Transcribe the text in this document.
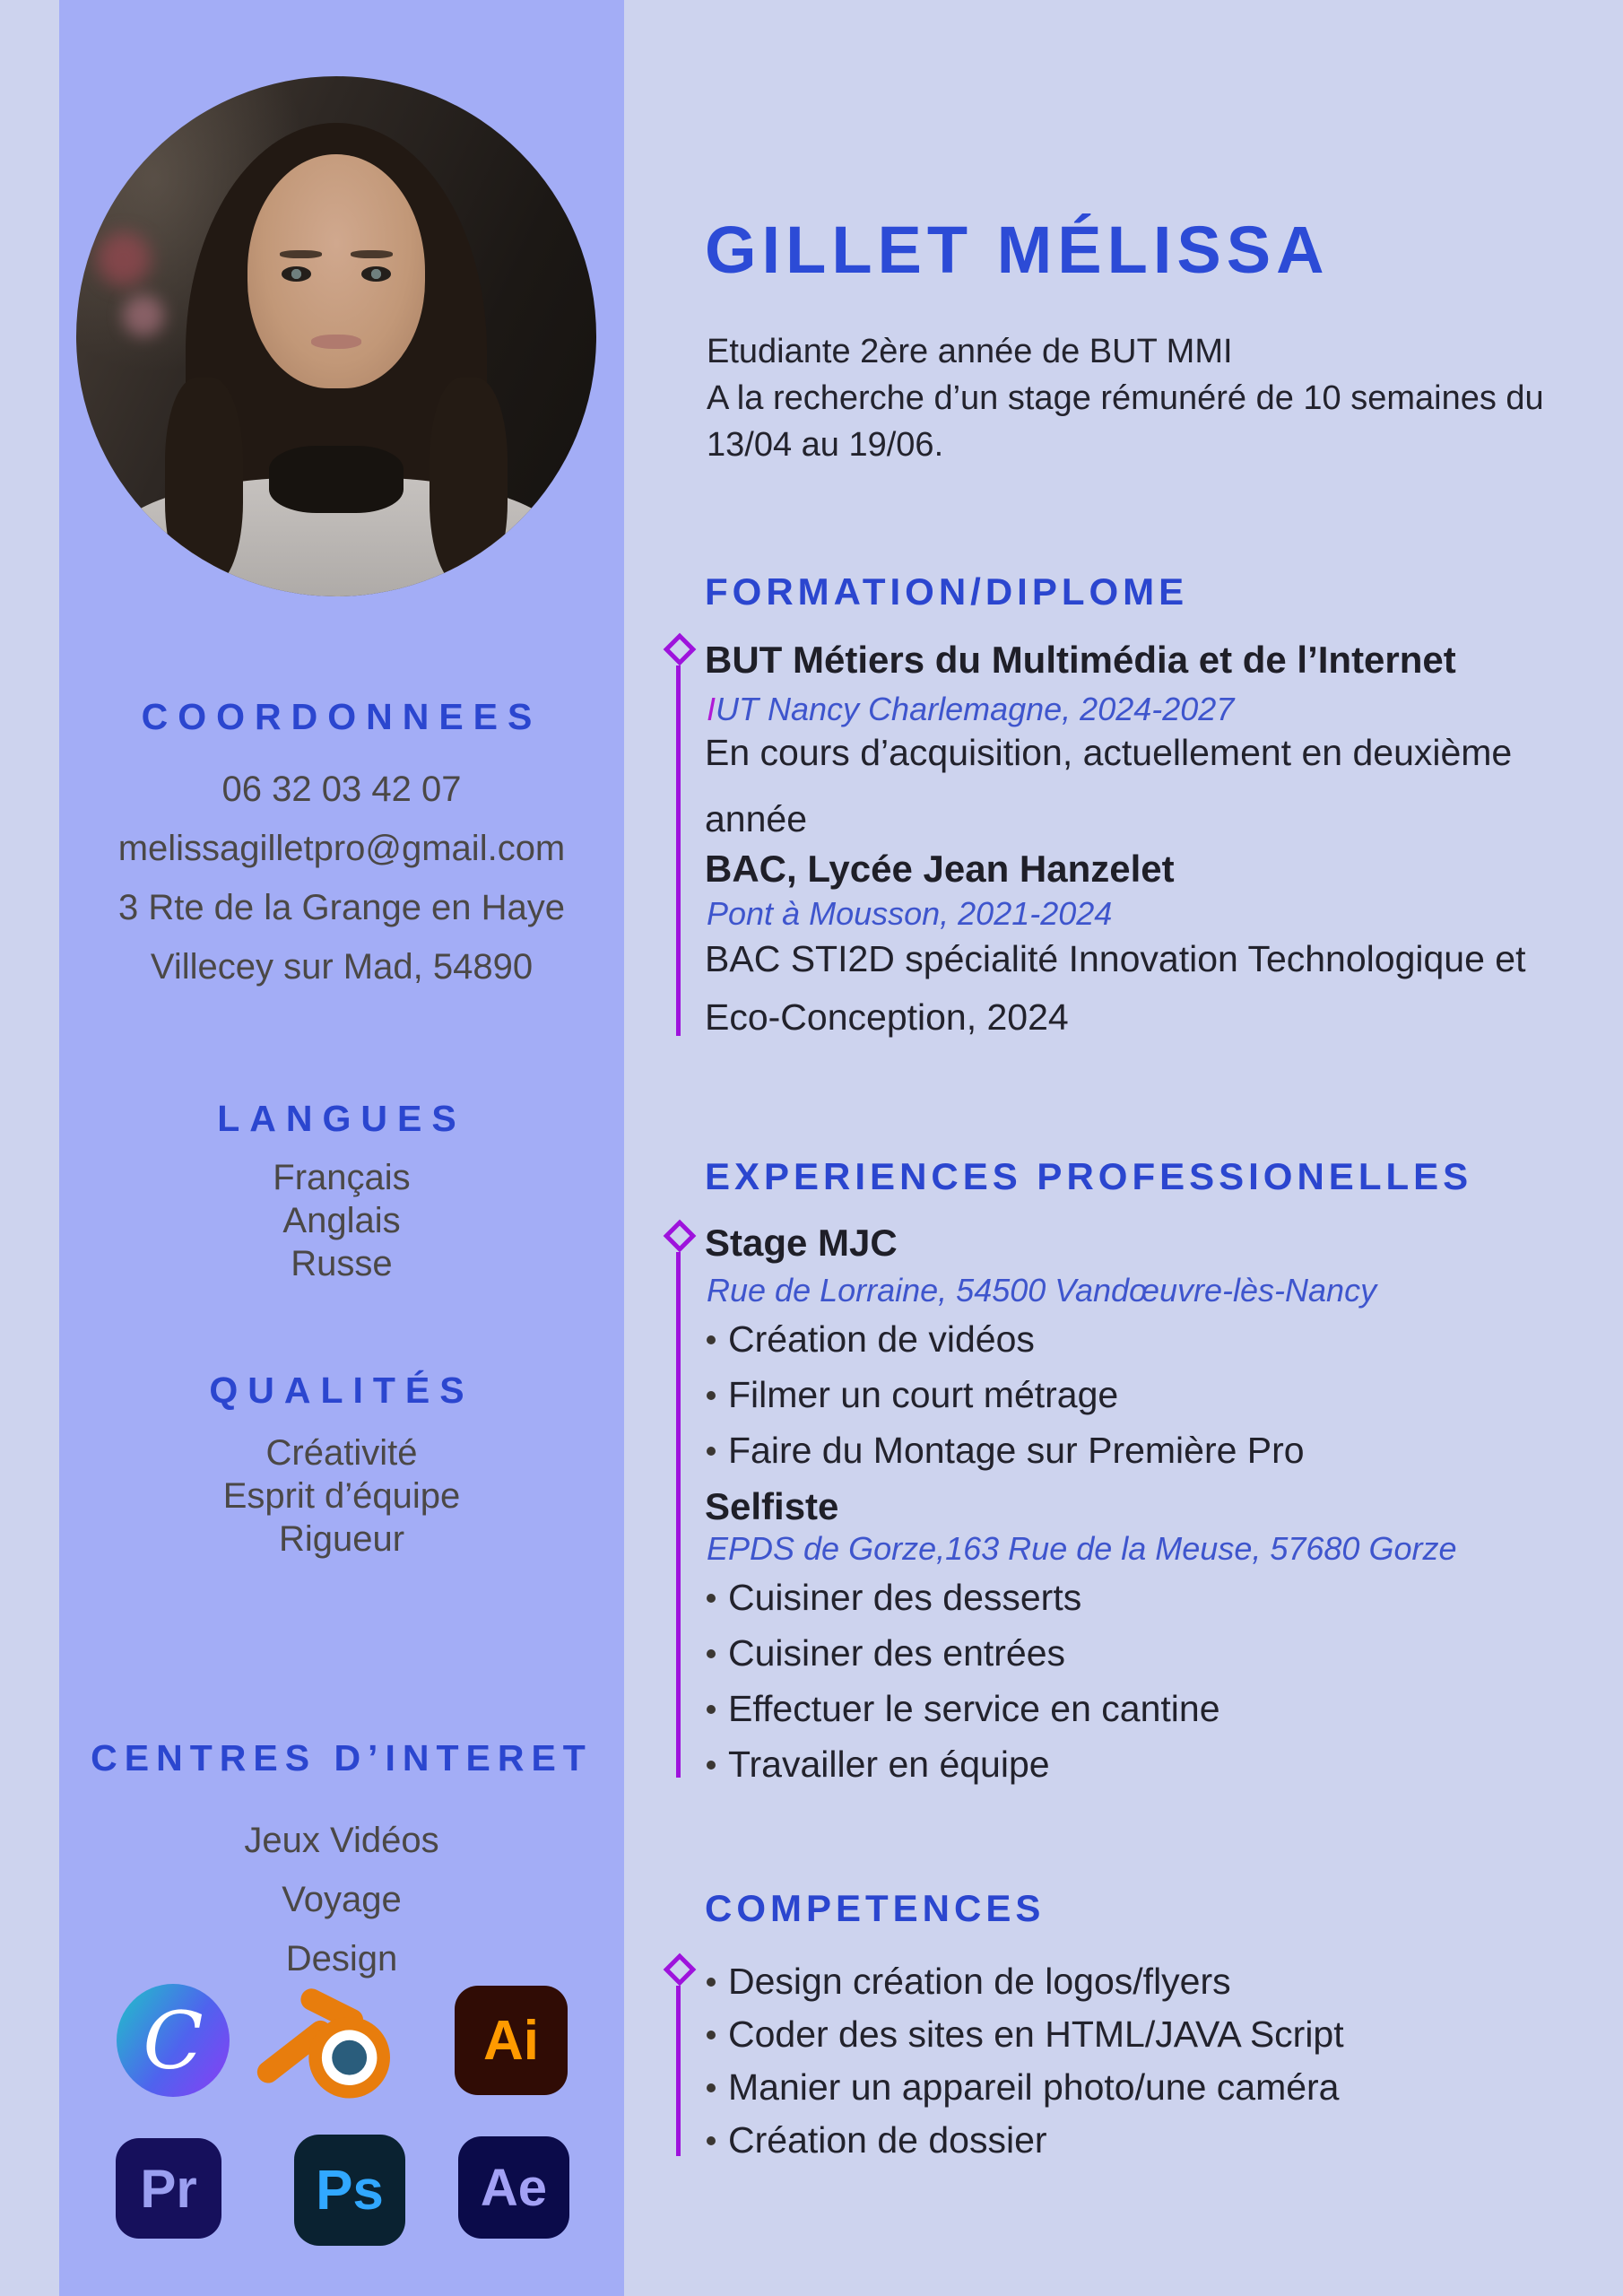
COORDONNEES
06 32 03 42 07
melissagilletpro@gmail.com
3 Rte de la Grange en Haye
Villecey sur Mad, 54890
LANGUES
Français
Anglais
Russe
QUALITÉS
Créativité
Esprit d’équipe
Rigueur
CENTRES D’INTERET
Jeux Vidéos
Voyage
Design
C	Ai
Pr Ps Ae
GILLET MÉLISSA
Etudiante 2ère année de BUT MMI
A la recherche d’un stage rémunéré de 10 semaines du
13/04 au 19/06.
FORMATION/DIPLOME
BUT Métiers du Multimédia et de l’Internet
IUT Nancy Charlemagne, 2024-2027
En cours d’acquisition, actuellement en deuxième
année
BAC, Lycée Jean Hanzelet
Pont à Mousson, 2021-2024
BAC STI2D spécialité Innovation Technologique et
Eco-Conception, 2024
EXPERIENCES PROFESSIONELLES
Stage MJC
Rue de Lorraine, 54500 Vandœuvre-lès-Nancy
Création de vidéos
Filmer un court métrage
Faire du Montage sur Première Pro
Selfiste
EPDS de Gorze,163 Rue de la Meuse, 57680 Gorze
Cuisiner des desserts
Cuisiner des entrées
Effectuer le service en cantine
Travailler en équipe
COMPETENCES
Design création de logos/flyers
Coder des sites en HTML/JAVA Script
Manier un appareil photo/une caméra
Création de dossier
